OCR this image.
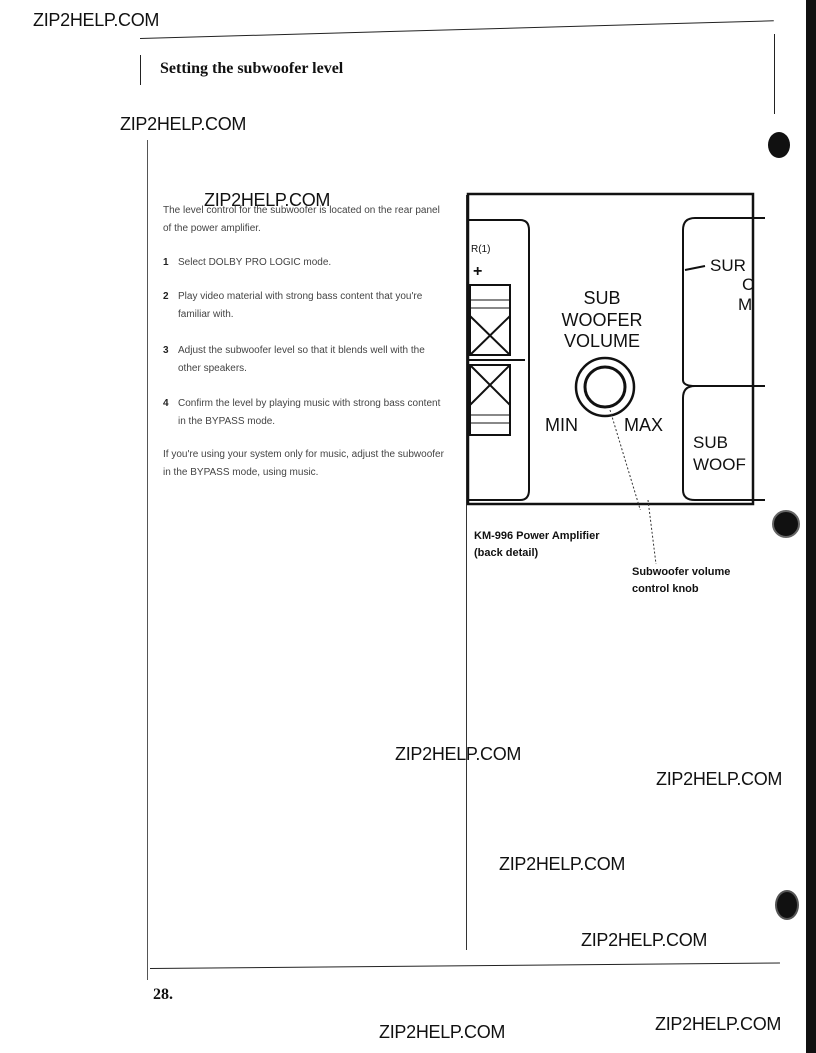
ZIP2HELP.COM
ZIP2HELP.COM
ZIP2HELP.COM
ZIP2HELP.COM
ZIP2HELP.COM
ZIP2HELP.COM
ZIP2HELP.COM
ZIP2HELP.COM
ZIP2HELP.COM
Setting the subwoofer level
The level control for the subwoofer is located on the rear panel of the power amplifier.
1 Select DOLBY PRO LOGIC mode.
2 Play video material with strong bass content that you're familiar with.
3 Adjust the subwoofer level so that it blends well with the other speakers.
4 Confirm the level by playing music with strong bass content in the BYPASS mode.
If you're using your system only for music, adjust the subwoofer in the BYPASS mode, using music.
R(1)
+
SUB
WOOFER
VOLUME
MIN	MAX
SUR
C
M
SUB
WOOF
KM-996 Power Amplifier
(back detail)
Subwoofer volume
control knob
28.
